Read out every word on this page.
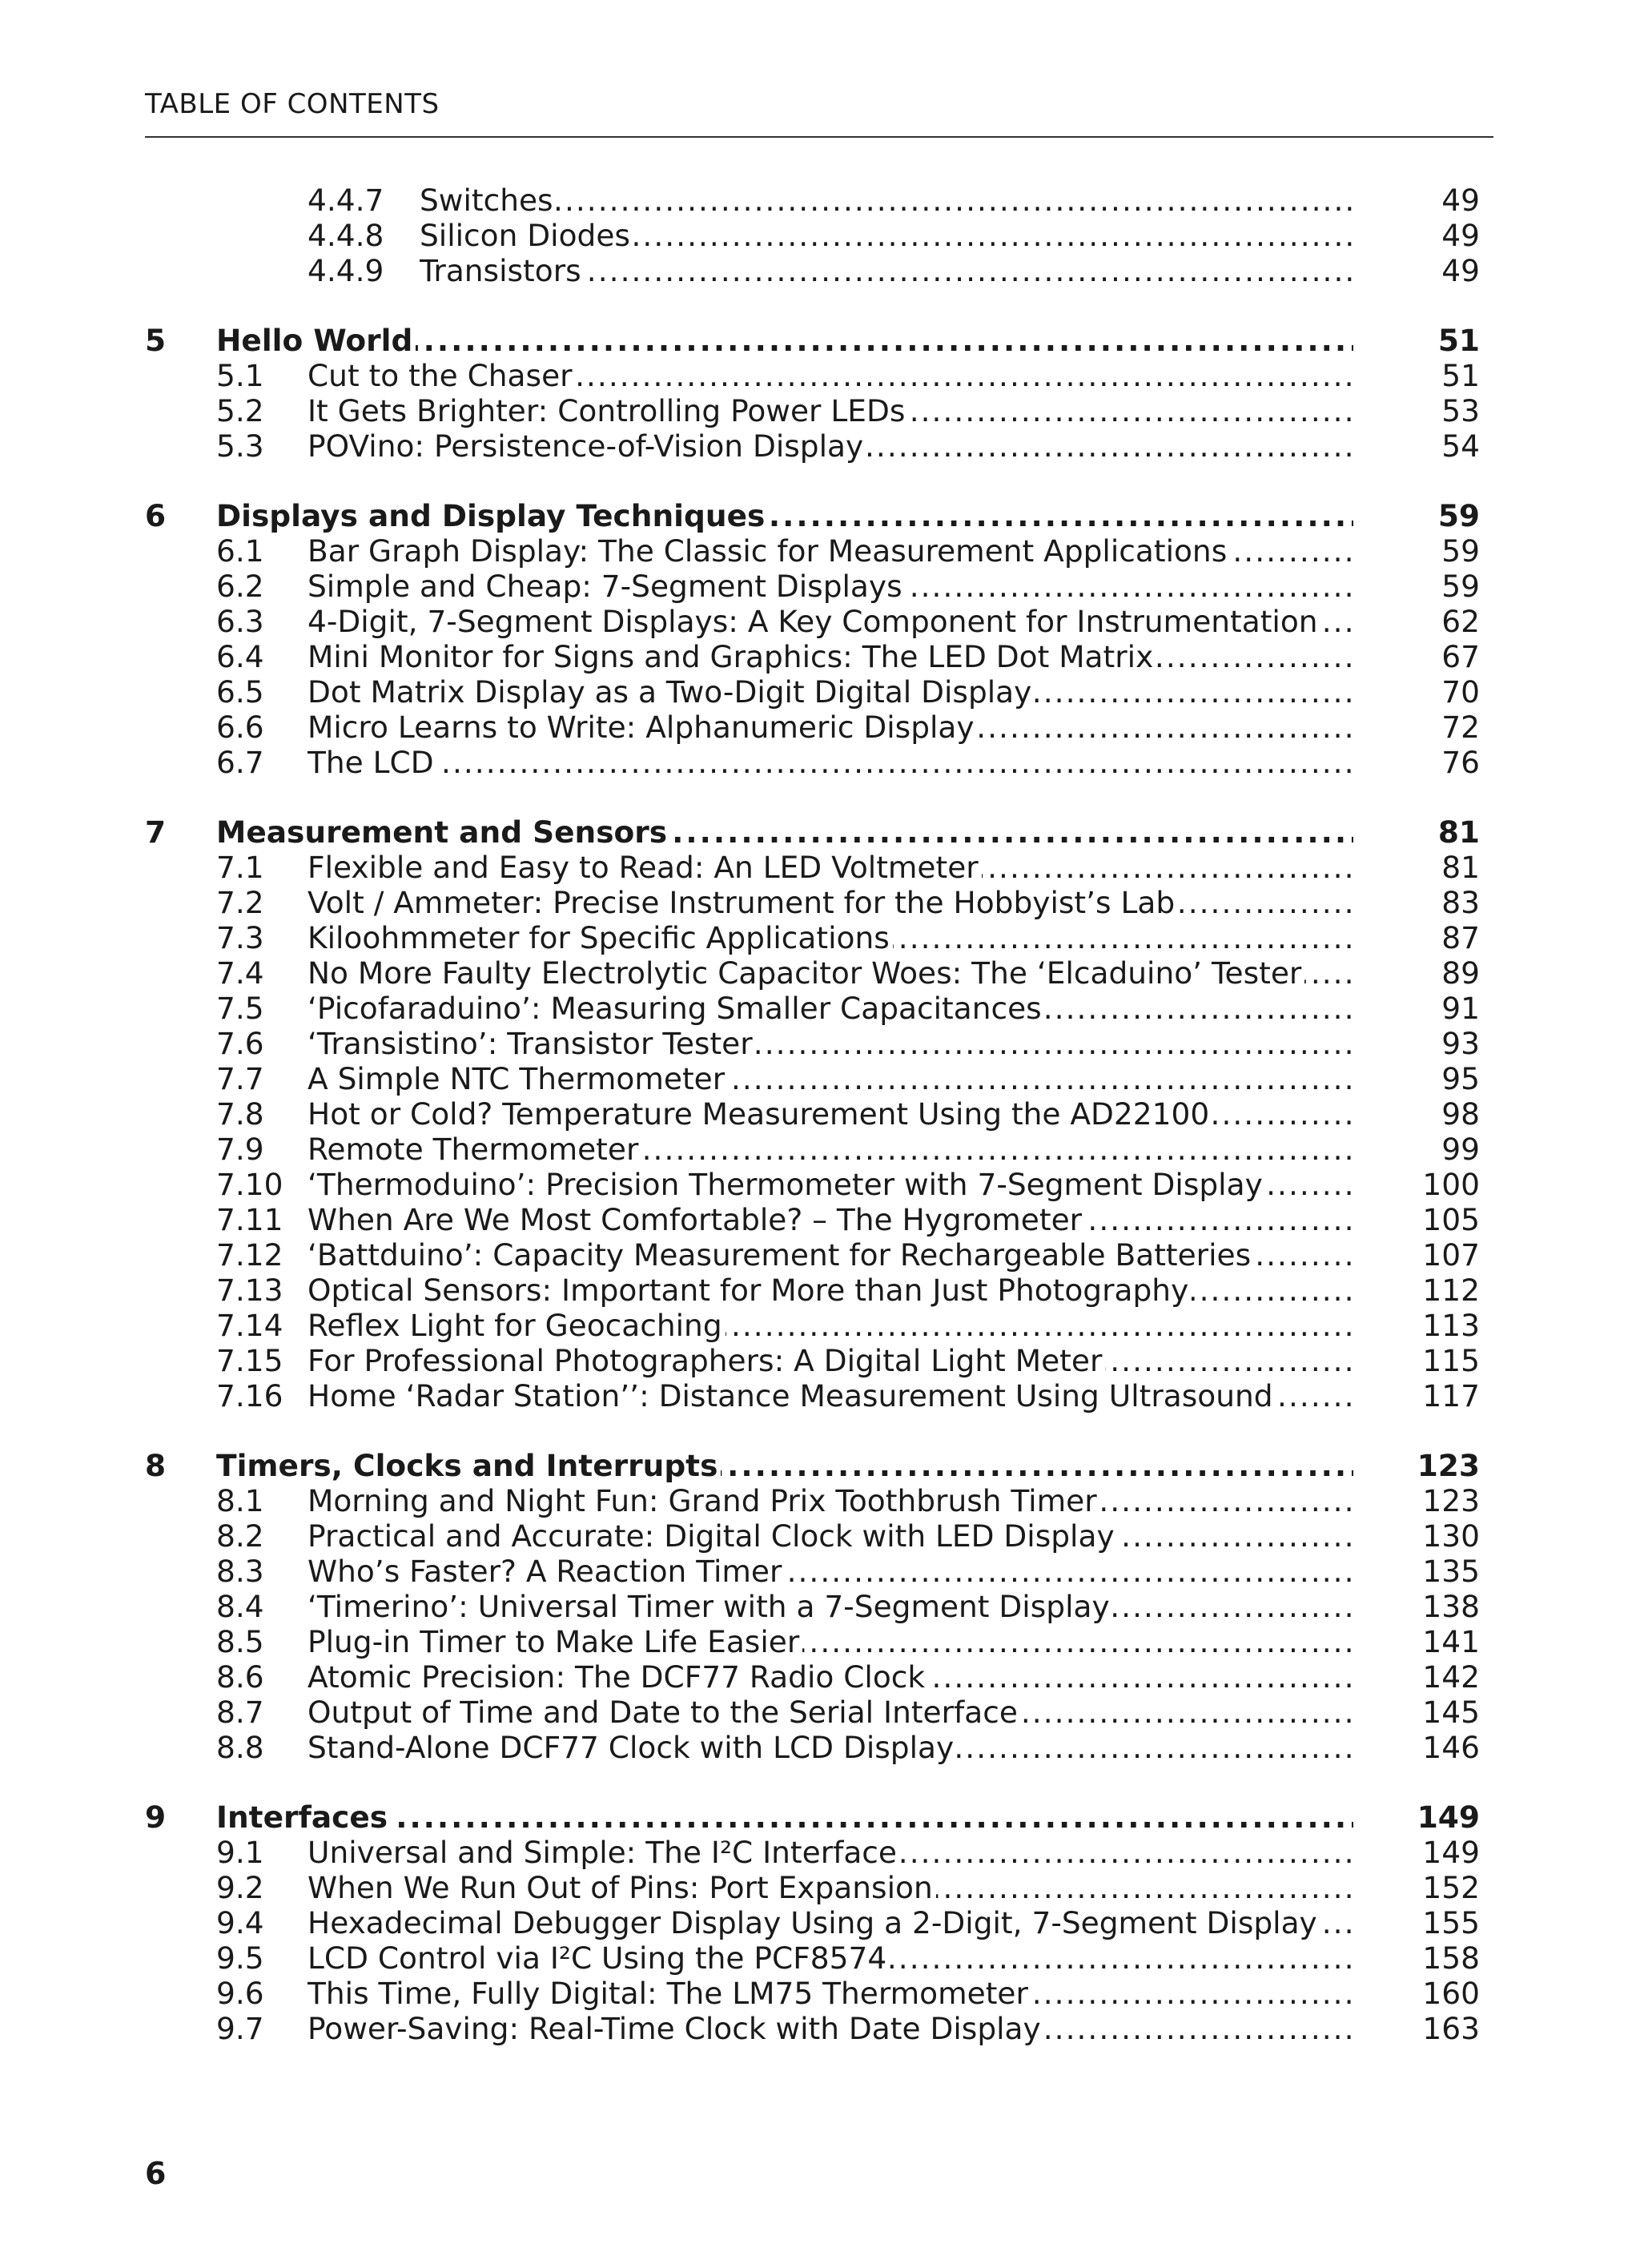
TABLE OF CONTENTS
4.4.7 Switches .....	49
4.4.8 Silicon Diodes .....	49
4.4.9 Transistors .....	49
5 Hello World .....	51
5.1 Cut to the Chaser .....	51
5.2 It Gets Brighter: Controlling Power LEDs .....	53
5.3 POVino: Persistence-of-Vision Display .....	54
6 Displays and Display Techniques .....	59
6.1 Bar Graph Display: The Classic for Measurement Applications .....	59
6.2 Simple and Cheap: 7-Segment Displays .....	59
6.3 4-Digit, 7-Segment Displays: A Key Component for Instrumentation .....	62
6.4 Mini Monitor for Signs and Graphics: The LED Dot Matrix .....	67
6.5 Dot Matrix Display as a Two-Digit Digital Display .....	70
6.6 Micro Learns to Write: Alphanumeric Display .....	72
6.7 The LCD .....	76
7 Measurement and Sensors .....	81
7.1 Flexible and Easy to Read: An LED Voltmeter .....	81
7.2 Volt / Ammeter: Precise Instrument for the Hobbyist’s Lab .....	83
7.3 Kiloohmmeter for Specific Applications .....	87
7.4 No More Faulty Electrolytic Capacitor Woes: The ‘Elcaduino’ Tester .....	89
7.5 ‘Picofaraduino’: Measuring Smaller Capacitances .....	91
7.6 ‘Transistino’: Transistor Tester .....	93
7.7 A Simple NTC Thermometer .....	95
7.8 Hot or Cold? Temperature Measurement Using the AD22100 .....	98
7.9 Remote Thermometer .....	99
7.10 ‘Thermoduino’: Precision Thermometer with 7-Segment Display .....	100
7.11 When Are We Most Comfortable? – The Hygrometer .....	105
7.12 ‘Battduino’: Capacity Measurement for Rechargeable Batteries .....	107
7.13 Optical Sensors: Important for More than Just Photography .....	112
7.14 Reflex Light for Geocaching .....	113
7.15 For Professional Photographers: A Digital Light Meter .....	115
7.16 Home ‘Radar Station’’: Distance Measurement Using Ultrasound .....	117
8 Timers, Clocks and Interrupts .....	123
8.1 Morning and Night Fun: Grand Prix Toothbrush Timer .....	123
8.2 Practical and Accurate: Digital Clock with LED Display .....	130
8.3 Who’s Faster? A Reaction Timer .....	135
8.4 ‘Timerino’: Universal Timer with a 7-Segment Display .....	138
8.5 Plug-in Timer to Make Life Easier .....	141
8.6 Atomic Precision: The DCF77 Radio Clock .....	142
8.7 Output of Time and Date to the Serial Interface .....	145
8.8 Stand-Alone DCF77 Clock with LCD Display .....	146
9 Interfaces .....	149
9.1 Universal and Simple: The I²C Interface .....	149
9.2 When We Run Out of Pins: Port Expansion .....	152
9.4 Hexadecimal Debugger Display Using a 2-Digit, 7-Segment Display .....	155
9.5 LCD Control via I²C Using the PCF8574 .....	158
9.6 This Time, Fully Digital: The LM75 Thermometer .....	160
9.7 Power-Saving: Real-Time Clock with Date Display .....	163
6
